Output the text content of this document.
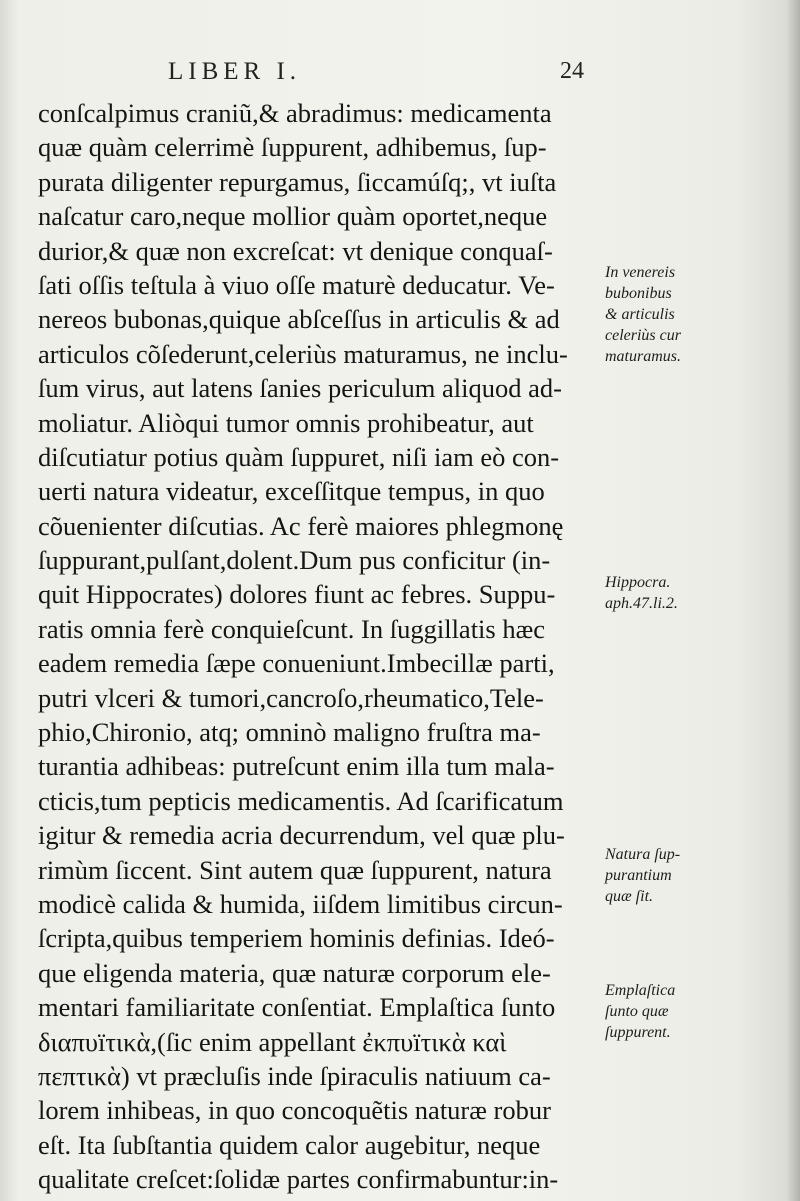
LIBER I.	24
conſcalpimus craniũ,& abradimus: medicamenta
quæ quàm celerrimè ſuppurent, adhibemus, ſup-
purata diligenter repurgamus, ſiccamúſq;, vt iuſta
naſcatur caro,neque mollior quàm oportet,neque
durior,& quæ non excreſcat: vt denique conquaſ-
ſati oſſis teſtula à viuo oſſe maturè deducatur. Ve-
nereos bubonas,quique abſceſſus in articulis & ad
articulos cõſederunt,celeriùs maturamus, ne inclu-
ſum virus, aut latens ſanies periculum aliquod ad-
moliatur. Aliòqui tumor omnis prohibeatur, aut
diſcutiatur potius quàm ſuppuret, niſi iam eò con-
uerti natura videatur, exceſſitque tempus, in quo
cõuenienter diſcutias. Ac ferè maiores phlegmonę
ſuppurant,pulſant,dolent.Dum pus conficitur (in-
quit Hippocrates) dolores fiunt ac febres. Suppu-
ratis omnia ferè conquieſcunt. In ſuggillatis hæc
eadem remedia ſæpe conueniunt.Imbecillæ parti,
putri vlceri & tumori,cancroſo,rheumatico,Tele-
phio,Chironio, atq; omninò maligno fruſtra ma-
turantia adhibeas: putreſcunt enim illa tum mala-
cticis,tum pepticis medicamentis. Ad ſcarificatum
igitur & remedia acria decurrendum, vel quæ plu-
rimùm ſiccent. Sint autem quæ ſuppurent, natura
modicè calida & humida, iiſdem limitibus circun-
ſcripta,quibus temperiem hominis definias. Ideó-
que eligenda materia, quæ naturæ corporum ele-
mentari familiaritate conſentiat. Emplaſtica ſunto
διαπυïτικὰ,(ſic enim appellant ἐκπυïτικὰ καὶ
πεπτικὰ) vt præcluſis inde ſpiraculis natiuum ca-
lorem inhibeas, in quo concoquẽtis naturæ robur
eſt. Ita ſubſtantia quidem calor augebitur, neque
qualitate creſcet:ſolidæ partes confirmabuntur:in-
In venereis
bubonibus
& articulis
celeriùs cur
maturamus.
Hippocra.
aph.47.li.2.
Natura ſup-
purantium
quæ ſit.
Emplaſtica
ſunto quæ
ſuppurent.
